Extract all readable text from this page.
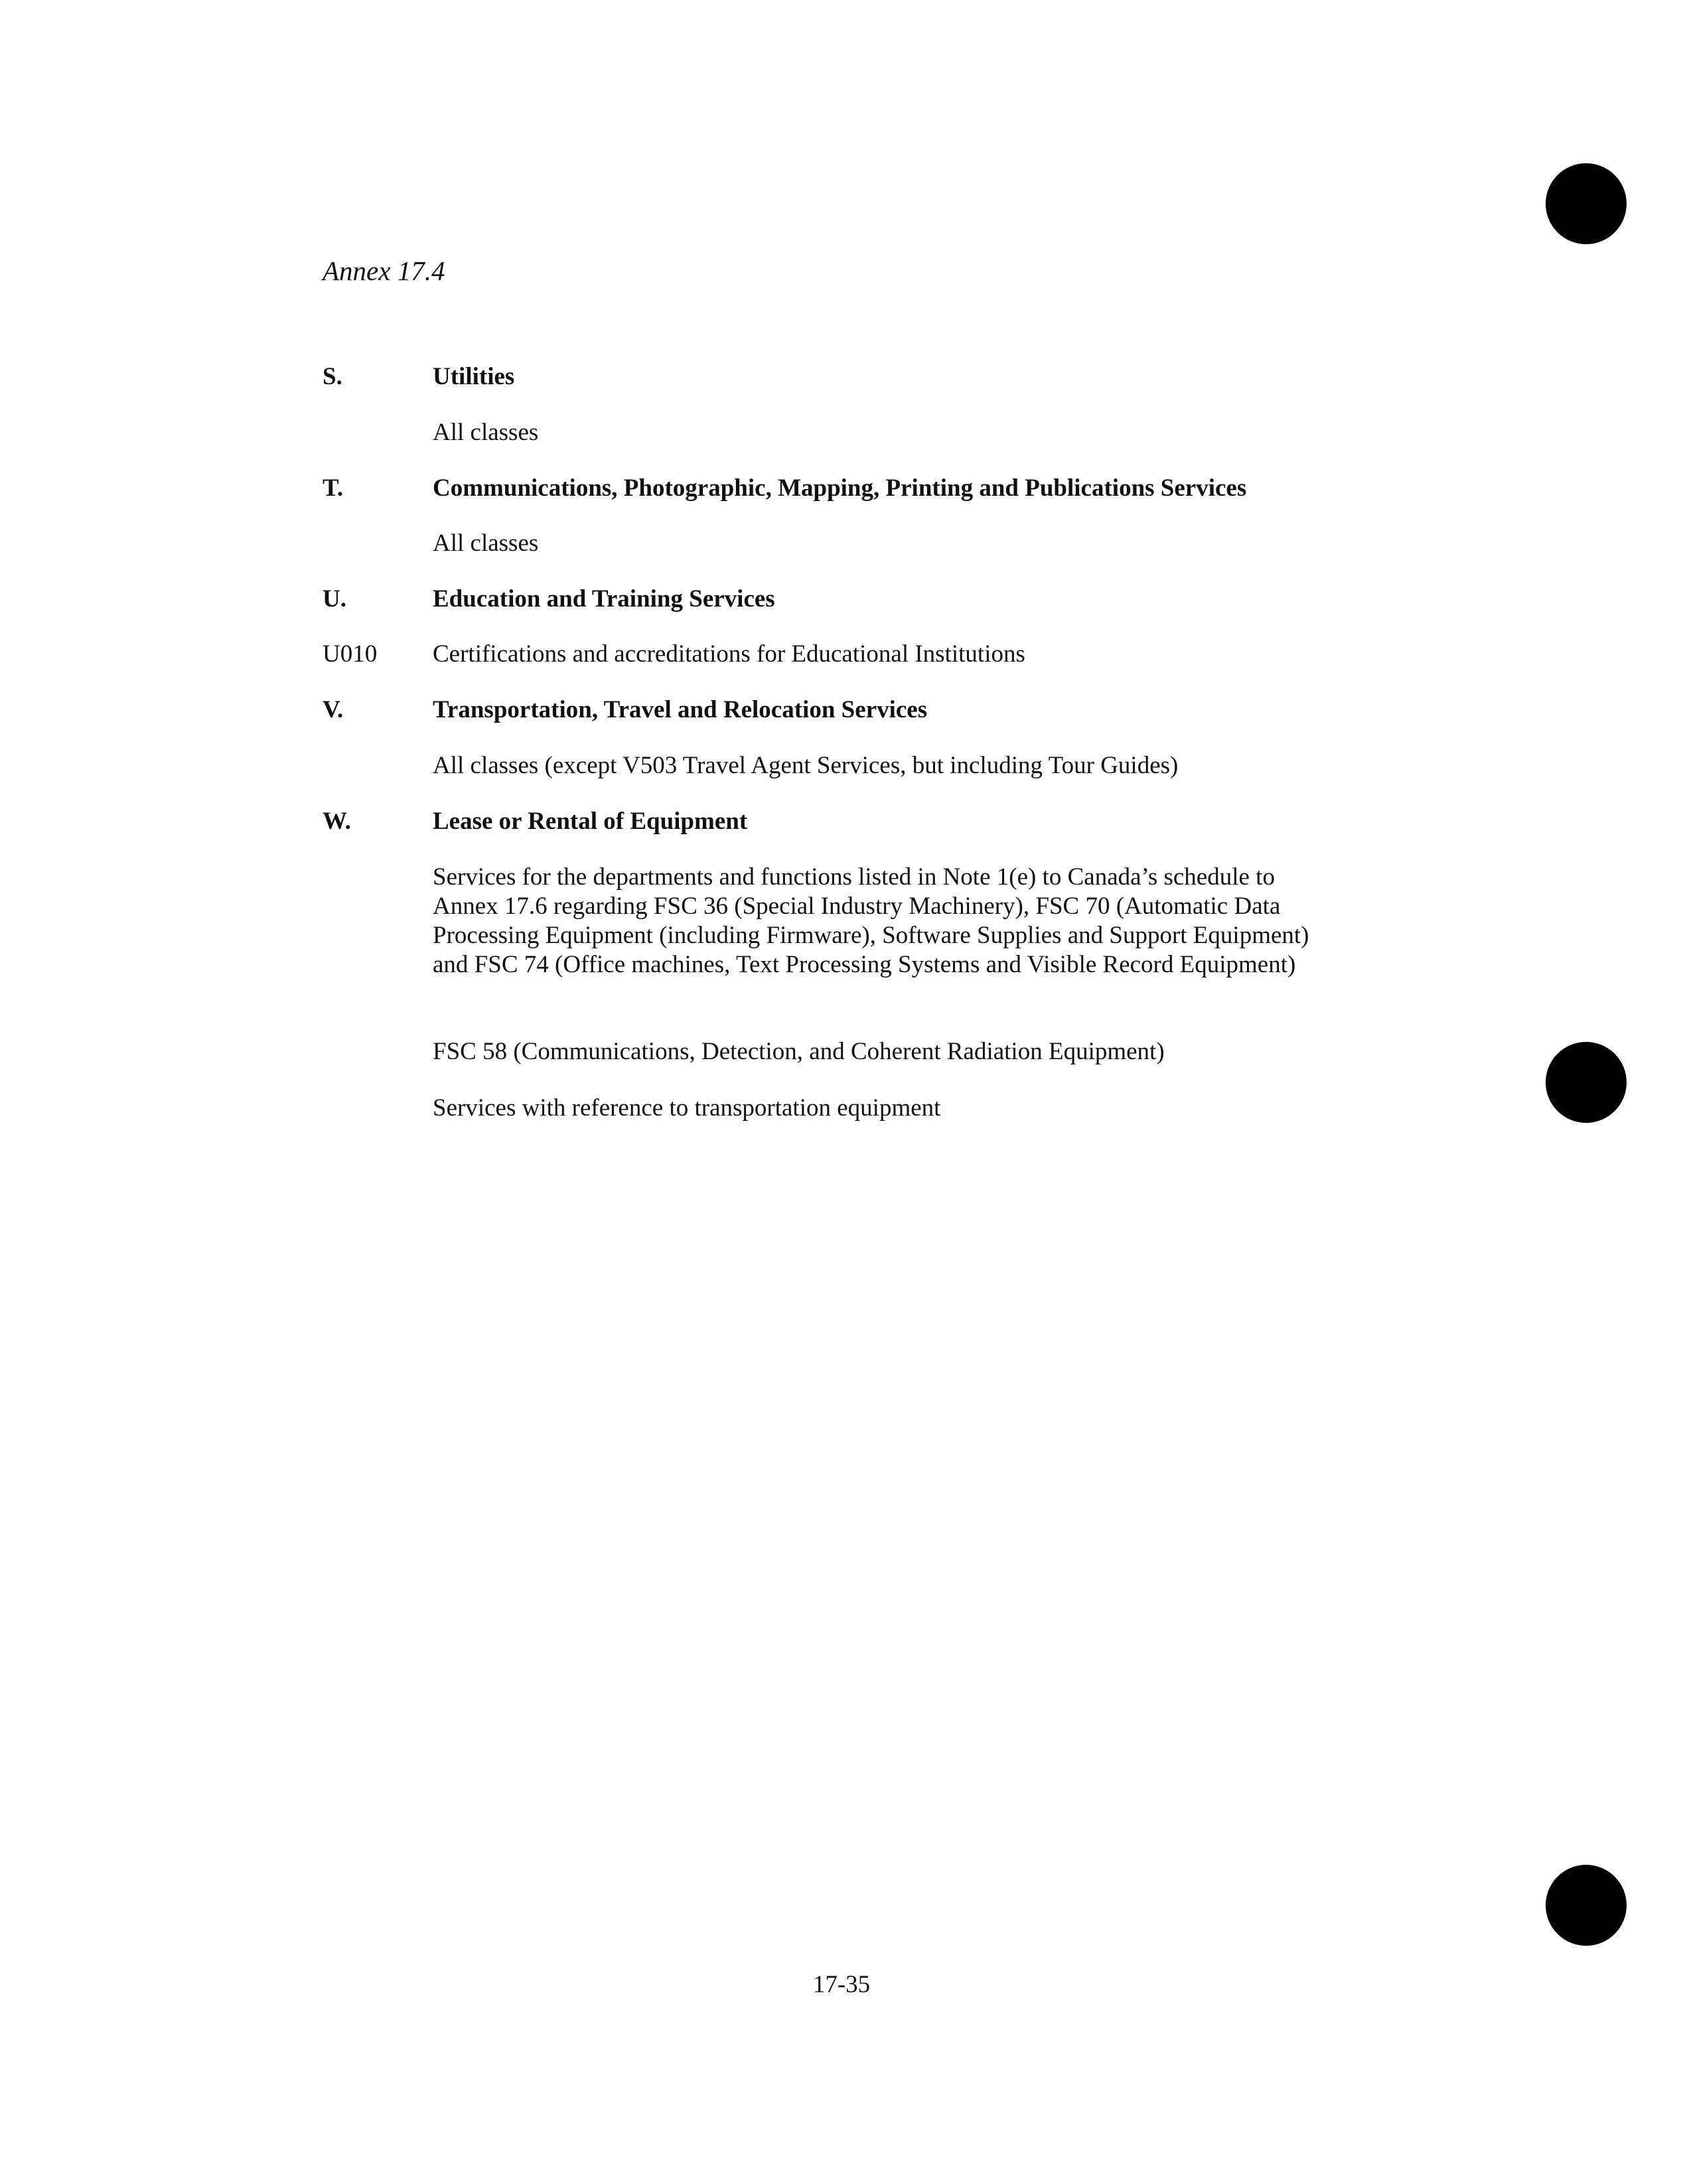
Annex 17.4
S.	Utilities
All classes
T.	Communications, Photographic, Mapping, Printing and Publications Services
All classes
U.	Education and Training Services
U010 Certifications and accreditations for Educational Institutions
V.	Transportation, Travel and Relocation Services
All classes (except V503 Travel Agent Services, but including Tour Guides)
W.	Lease or Rental of Equipment
Services for the departments and functions listed in Note 1(e) to Canada’s schedule to Annex 17.6 regarding FSC 36 (Special Industry Machinery), FSC 70 (Automatic Data Processing Equipment (including Firmware), Software Supplies and Support Equipment) and FSC 74 (Office machines, Text Processing Systems and Visible Record Equipment)
FSC 58 (Communications, Detection, and Coherent Radiation Equipment)
Services with reference to transportation equipment
17-35
